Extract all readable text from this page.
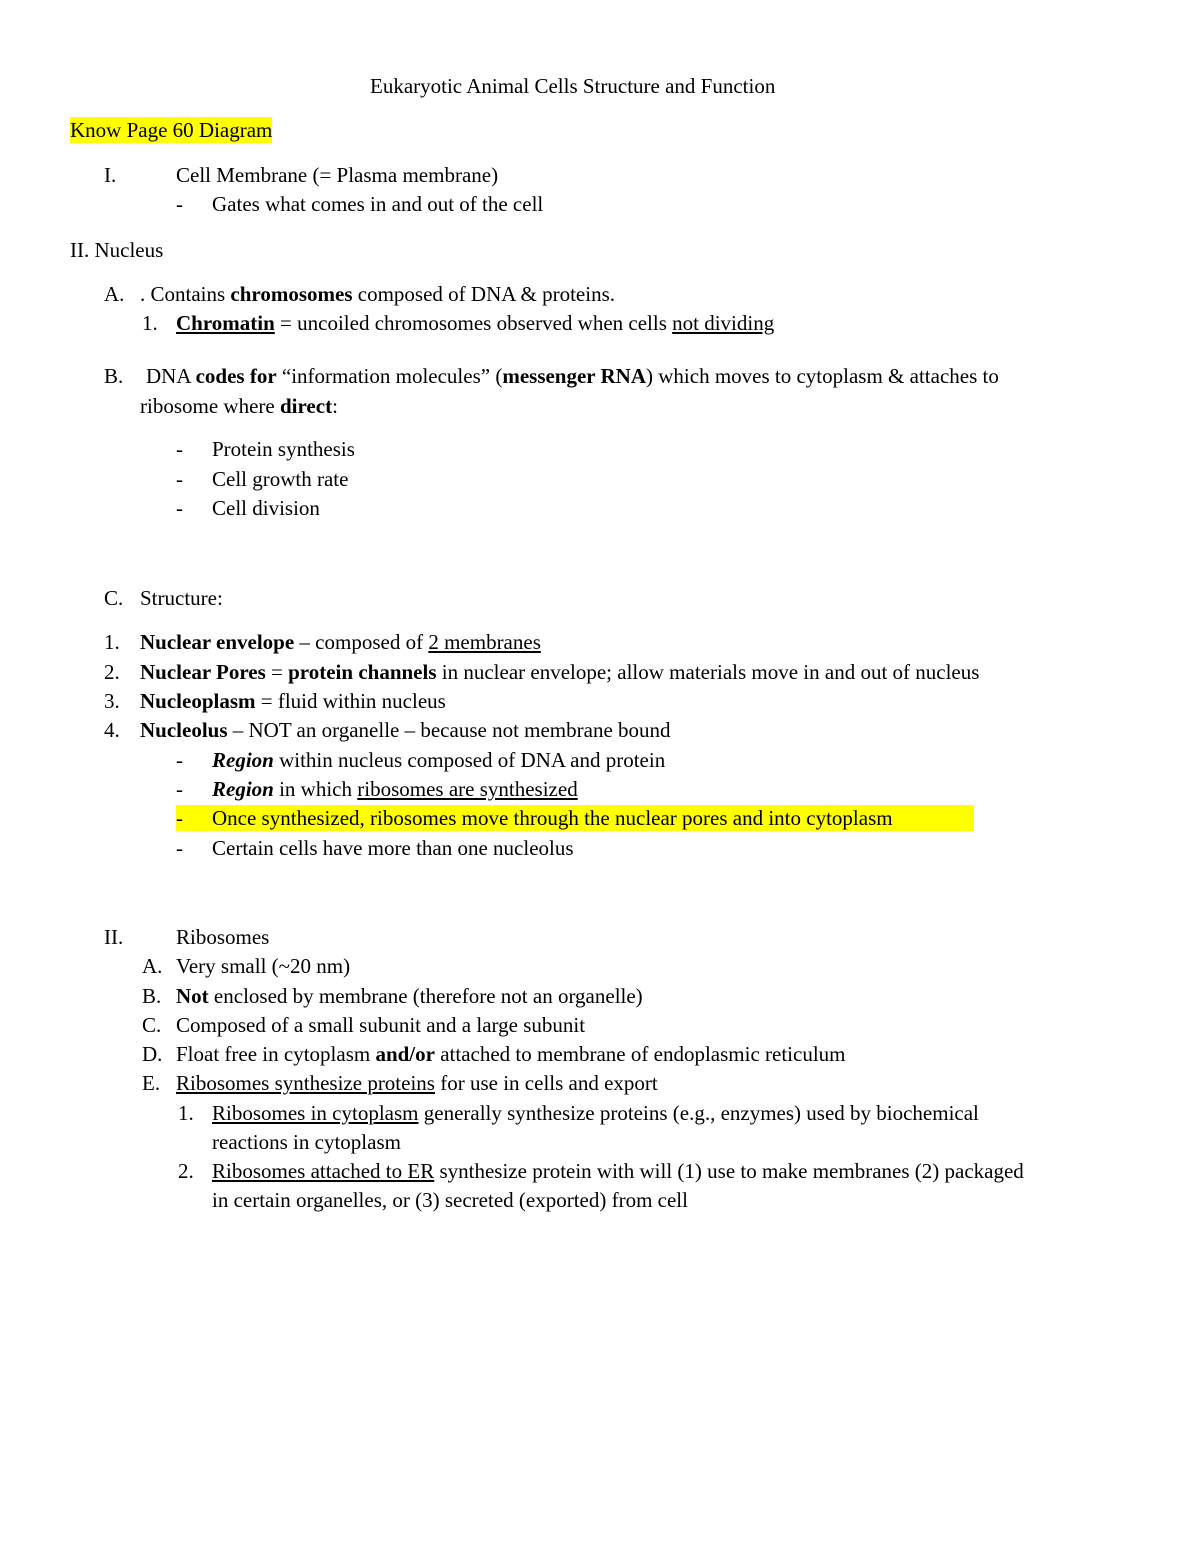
Eukaryotic Animal Cells Structure and Function
Know Page 60 Diagram
I.	Cell Membrane (= Plasma membrane)
- Gates what comes in and out of the cell
II. Nucleus
A. . Contains chromosomes composed of DNA & proteins.
1. Chromatin = uncoiled chromosomes observed when cells not dividing
B. DNA codes for “information molecules” (messenger RNA) which moves to cytoplasm & attaches to
ribosome where direct:
- Protein synthesis
- Cell growth rate
- Cell division
C. Structure:
1. Nuclear envelope – composed of 2 membranes
2. Nuclear Pores = protein channels in nuclear envelope; allow materials move in and out of nucleus
3. Nucleoplasm = fluid within nucleus
4. Nucleolus – NOT an organelle – because not membrane bound
- Region within nucleus composed of DNA and protein
- Region in which ribosomes are synthesized
- Once synthesized, ribosomes move through the nuclear pores and into cytoplasm
- Certain cells have more than one nucleolus
II.	Ribosomes
A. Very small (~20 nm)
B. Not enclosed by membrane (therefore not an organelle)
C. Composed of a small subunit and a large subunit
D. Float free in cytoplasm and/or attached to membrane of endoplasmic reticulum
E. Ribosomes synthesize proteins for use in cells and export
1. Ribosomes in cytoplasm generally synthesize proteins (e.g., enzymes) used by biochemical
reactions in cytoplasm
2. Ribosomes attached to ER synthesize protein with will (1) use to make membranes (2) packaged
in certain organelles, or (3) secreted (exported) from cell
